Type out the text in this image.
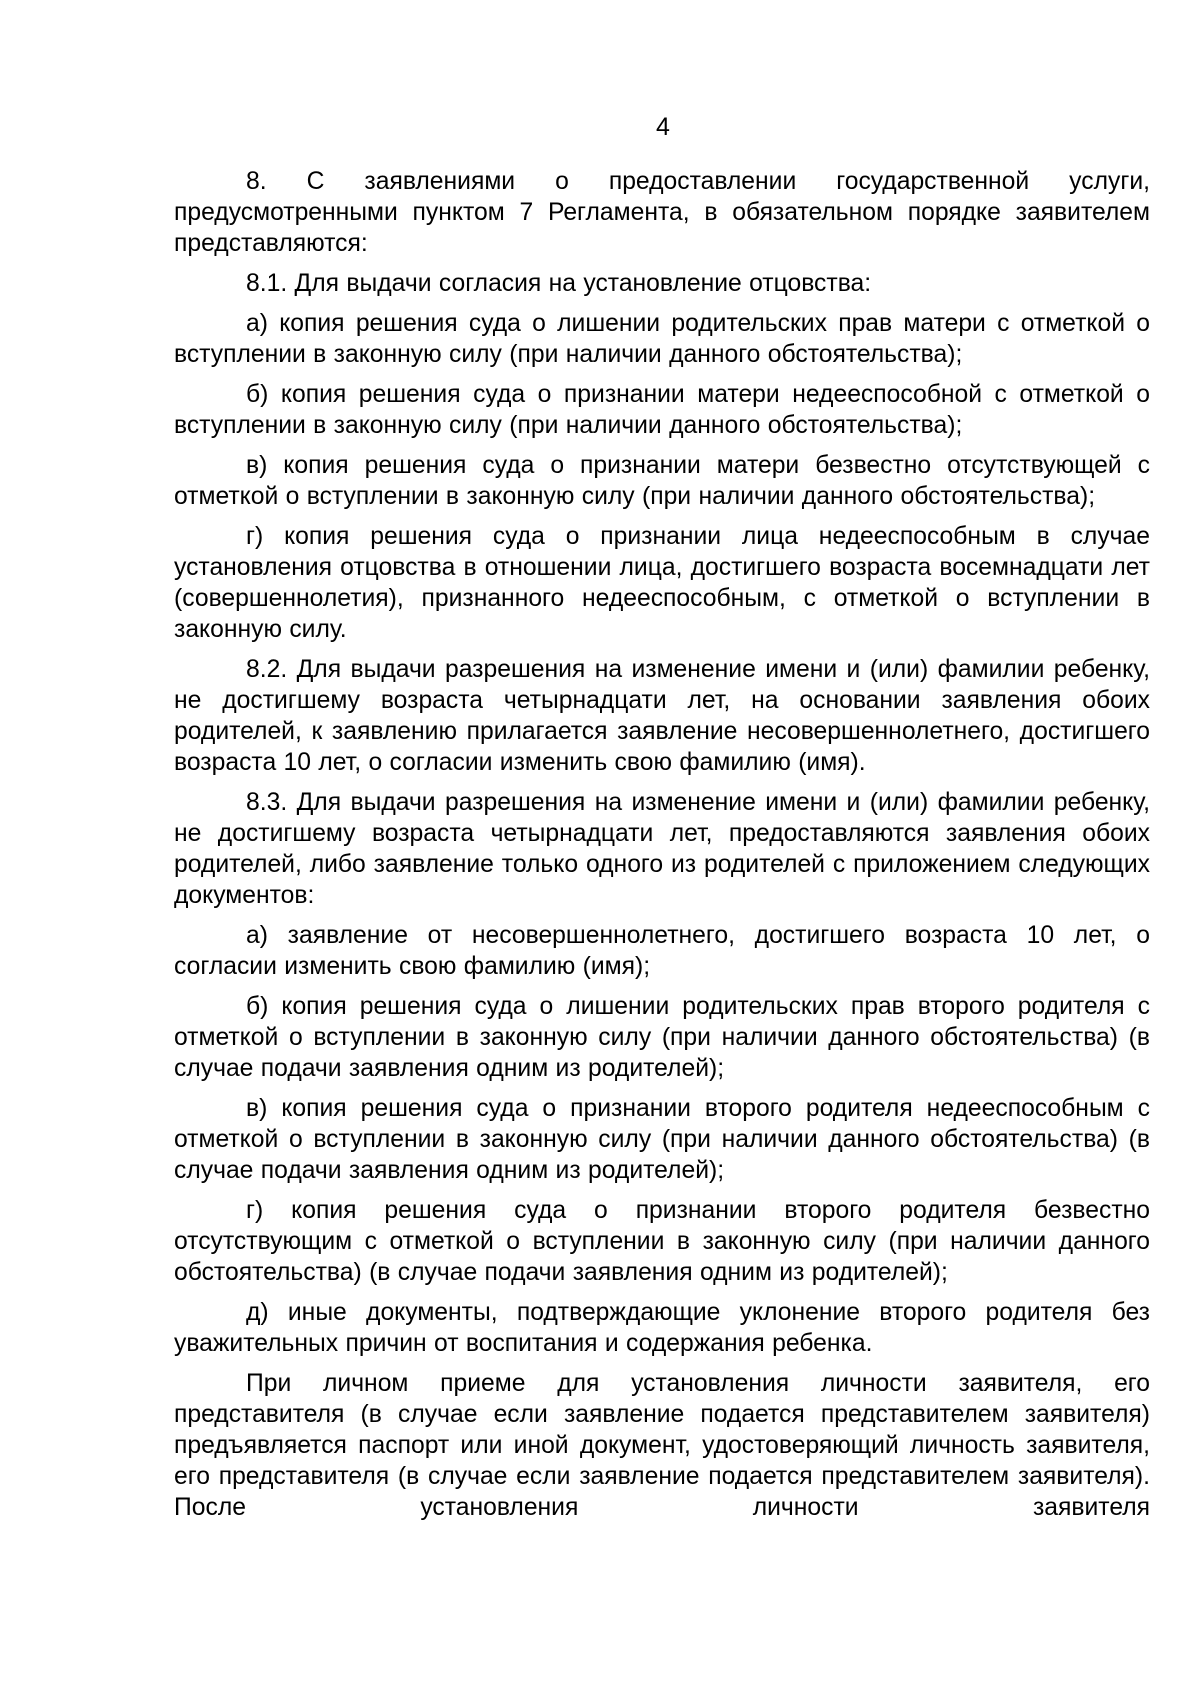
4

8. С заявлениями о предоставлении государственной услуги, предусмотренными пунктом 7 Регламента, в обязательном порядке заявителем представляются:

8.1. Для выдачи согласия на установление отцовства:

а) копия решения суда о лишении родительских прав матери с отметкой о вступлении в законную силу (при наличии данного обстоятельства);

б) копия решения суда о признании матери недееспособной с отметкой о вступлении в законную силу (при наличии данного обстоятельства);

в) копия решения суда о признании матери безвестно отсутствующей с отметкой о вступлении в законную силу (при наличии данного обстоятельства);

г) копия решения суда о признании лица недееспособным в случае установления отцовства в отношении лица, достигшего возраста восемнадцати лет (совершеннолетия), признанного недееспособным, с отметкой о вступлении в законную силу.

8.2. Для выдачи разрешения на изменение имени и (или) фамилии ребенку, не достигшему возраста четырнадцати лет, на основании заявления обоих родителей, к заявлению прилагается заявление несовершеннолетнего, достигшего возраста 10 лет, о согласии изменить свою фамилию (имя).

8.3. Для выдачи разрешения на изменение имени и (или) фамилии ребенку, не достигшему возраста четырнадцати лет, предоставляются заявления обоих родителей, либо заявление только одного из родителей с приложением следующих документов:

а) заявление от несовершеннолетнего, достигшего возраста 10 лет, о согласии изменить свою фамилию (имя);

б) копия решения суда о лишении родительских прав второго родителя с отметкой о вступлении в законную силу (при наличии данного обстоятельства) (в случае подачи заявления одним из родителей);

в) копия решения суда о признании второго родителя недееспособным с отметкой о вступлении в законную силу (при наличии данного обстоятельства) (в случае подачи заявления одним из родителей);

г) копия решения суда о признании второго родителя безвестно отсутствующим с отметкой о вступлении в законную силу (при наличии данного обстоятельства) (в случае подачи заявления одним из родителей);

д) иные документы, подтверждающие уклонение второго родителя без уважительных причин от воспитания и содержания ребенка.

При личном приеме для установления личности заявителя, его представителя (в случае если заявление подается представителем заявителя) предъявляется паспорт или иной документ, удостоверяющий личность заявителя, его представителя (в случае если заявление подается представителем заявителя). После установления личности заявителя
